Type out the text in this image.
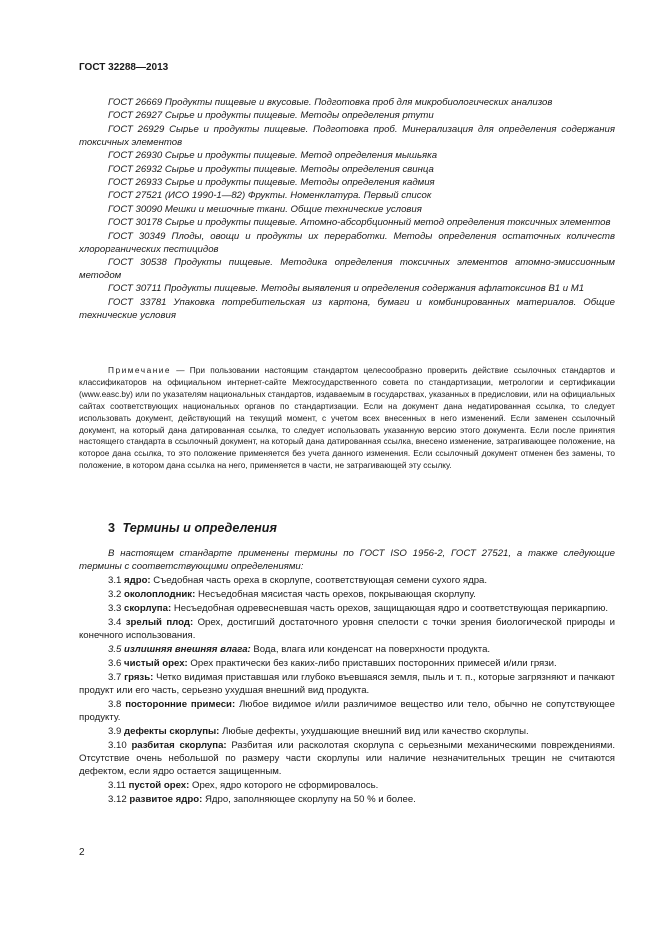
ГОСТ 32288—2013

ГОСТ 26669 Продукты пищевые и вкусовые. Подготовка проб для микробиологических анализов

ГОСТ 26927 Сырье и продукты пищевые. Методы определения ртути

ГОСТ 26929 Сырье и продукты пищевые. Подготовка проб. Минерализация для определения содержания токсичных элементов

ГОСТ 26930 Сырье и продукты пищевые. Метод определения мышьяка

ГОСТ 26932 Сырье и продукты пищевые. Методы определения свинца

ГОСТ 26933 Сырье и продукты пищевые. Методы определения кадмия

ГОСТ 27521 (ИСО 1990-1—82) Фрукты. Номенклатура. Первый список

ГОСТ 30090 Мешки и мешочные ткани. Общие технические условия

ГОСТ 30178 Сырье и продукты пищевые. Атомно-абсорбционный метод определения токсичных элементов

ГОСТ 30349 Плоды, овощи и продукты их переработки. Методы определения остаточных количеств хлорорганических пестицидов

ГОСТ 30538 Продукты пищевые. Методика определения токсичных элементов атомно-эмиссионным методом

ГОСТ 30711 Продукты пищевые. Методы выявления и определения содержания афлатоксинов B1 и M1

ГОСТ 33781 Упаковка потребительская из картона, бумаги и комбинированных материалов. Общие технические условия

Примечание — При пользовании настоящим стандартом целесообразно проверить действие ссылочных стандартов и классификаторов на официальном интернет-сайте Межгосударственного совета по стандартизации, метрологии и сертификации (www.easc.by) или по указателям национальных стандартов, издаваемым в государствах, указанных в предисловии, или на официальных сайтах соответствующих национальных органов по стандартизации. Если на документ дана недатированная ссылка, то следует использовать документ, действующий на текущий момент, с учетом всех внесенных в него изменений. Если заменен ссылочный документ, на который дана датированная ссылка, то следует использовать указанную версию этого документа. Если после принятия настоящего стандарта в ссылочный документ, на который дана датированная ссылка, внесено изменение, затрагивающее положение, на которое дана ссылка, то это положение применяется без учета данного изменения. Если ссылочный документ отменен без замены, то положение, в котором дана ссылка на него, применяется в части, не затрагивающей эту ссылку.

3 Термины и определения

В настоящем стандарте применены термины по ГОСТ ISO 1956-2, ГОСТ 27521, а также следующие термины с соответствующими определениями:

3.1 ядро: Съедобная часть ореха в скорлупе, соответствующая семени сухого ядра.

3.2 околоплодник: Несъедобная мясистая часть орехов, покрывающая скорлупу.

3.3 скорлупа: Несъедобная одревесневшая часть орехов, защищающая ядро и соответствующая перикарпию.

3.4 зрелый плод: Орех, достигший достаточного уровня спелости с точки зрения биологической природы и конечного использования.

3.5 излишняя внешняя влага: Вода, влага или конденсат на поверхности продукта.

3.6 чистый орех: Орех практически без каких-либо приставших посторонних примесей и/или грязи.

3.7 грязь: Четко видимая приставшая или глубоко въевшаяся земля, пыль и т. п., которые загрязняют и пачкают продукт или его часть, серьезно ухудшая внешний вид продукта.

3.8 посторонние примеси: Любое видимое и/или различимое вещество или тело, обычно не сопутствующее продукту.

3.9 дефекты скорлупы: Любые дефекты, ухудшающие внешний вид или качество скорлупы.

3.10 разбитая скорлупа: Разбитая или расколотая скорлупа с серьезными механическими повреждениями. Отсутствие очень небольшой по размеру части скорлупы или наличие незначительных трещин не считаются дефектом, если ядро остается защищенным.

3.11 пустой орех: Орех, ядро которого не сформировалось.

3.12 развитое ядро: Ядро, заполняющее скорлупу на 50 % и более.

2
